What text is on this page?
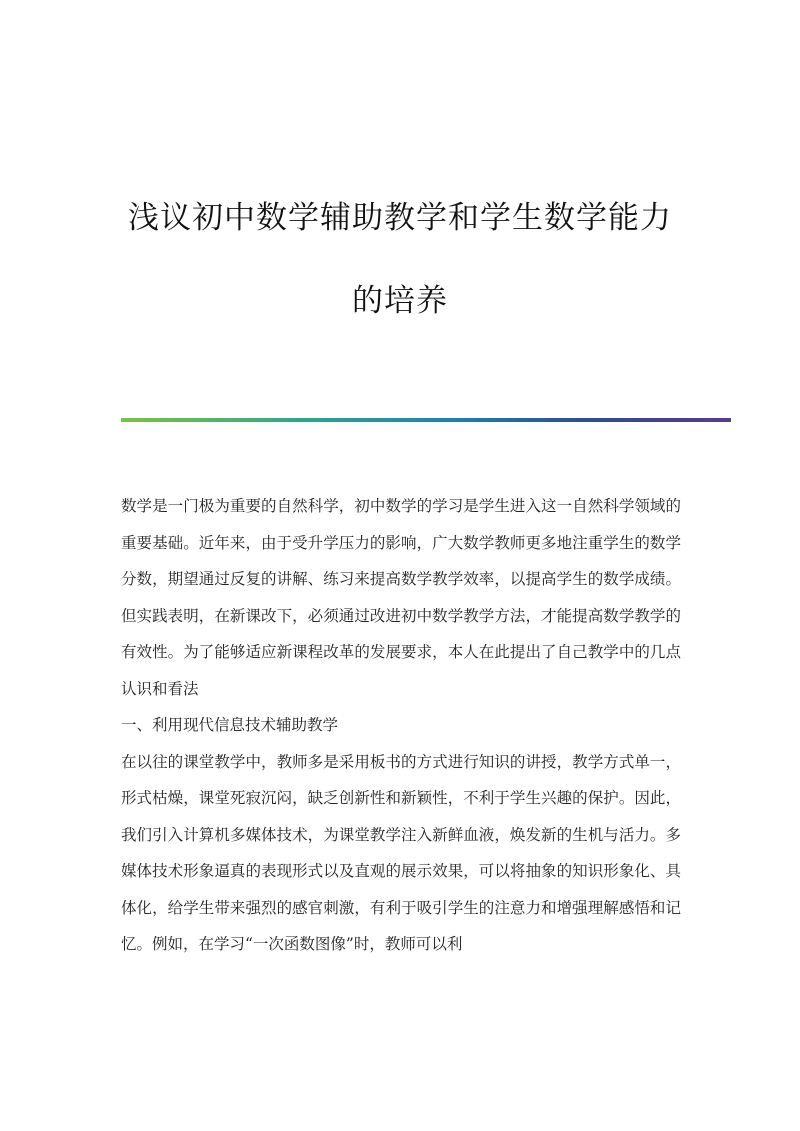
浅议初中数学辅助教学和学生数学能力
的培养

数学是一门极为重要的自然科学，初中数学的学习是学生进入这一自然科学领域的重要基础。近年来，由于受升学压力的影响，广大数学教师更多地注重学生的数学分数，期望通过反复的讲解、练习来提高数学教学效率，以提高学生的数学成绩。但实践表明，在新课改下，必须通过改进初中数学教学方法，才能提高数学教学的有效性。为了能够适应新课程改革的发展要求，本人在此提出了自己教学中的几点认识和看法

一、利用现代信息技术辅助教学

在以往的课堂教学中，教师多是采用板书的方式进行知识的讲授，教学方式单一，形式枯燥，课堂死寂沉闷，缺乏创新性和新颖性，不利于学生兴趣的保护。因此，我们引入计算机多媒体技术，为课堂教学注入新鲜血液，焕发新的生机与活力。多媒体技术形象逼真的表现形式以及直观的展示效果，可以将抽象的知识形象化、具体化，给学生带来强烈的感官刺激，有利于吸引学生的注意力和增强理解感悟和记忆。例如，在学习“一次函数图像”时，教师可以利
